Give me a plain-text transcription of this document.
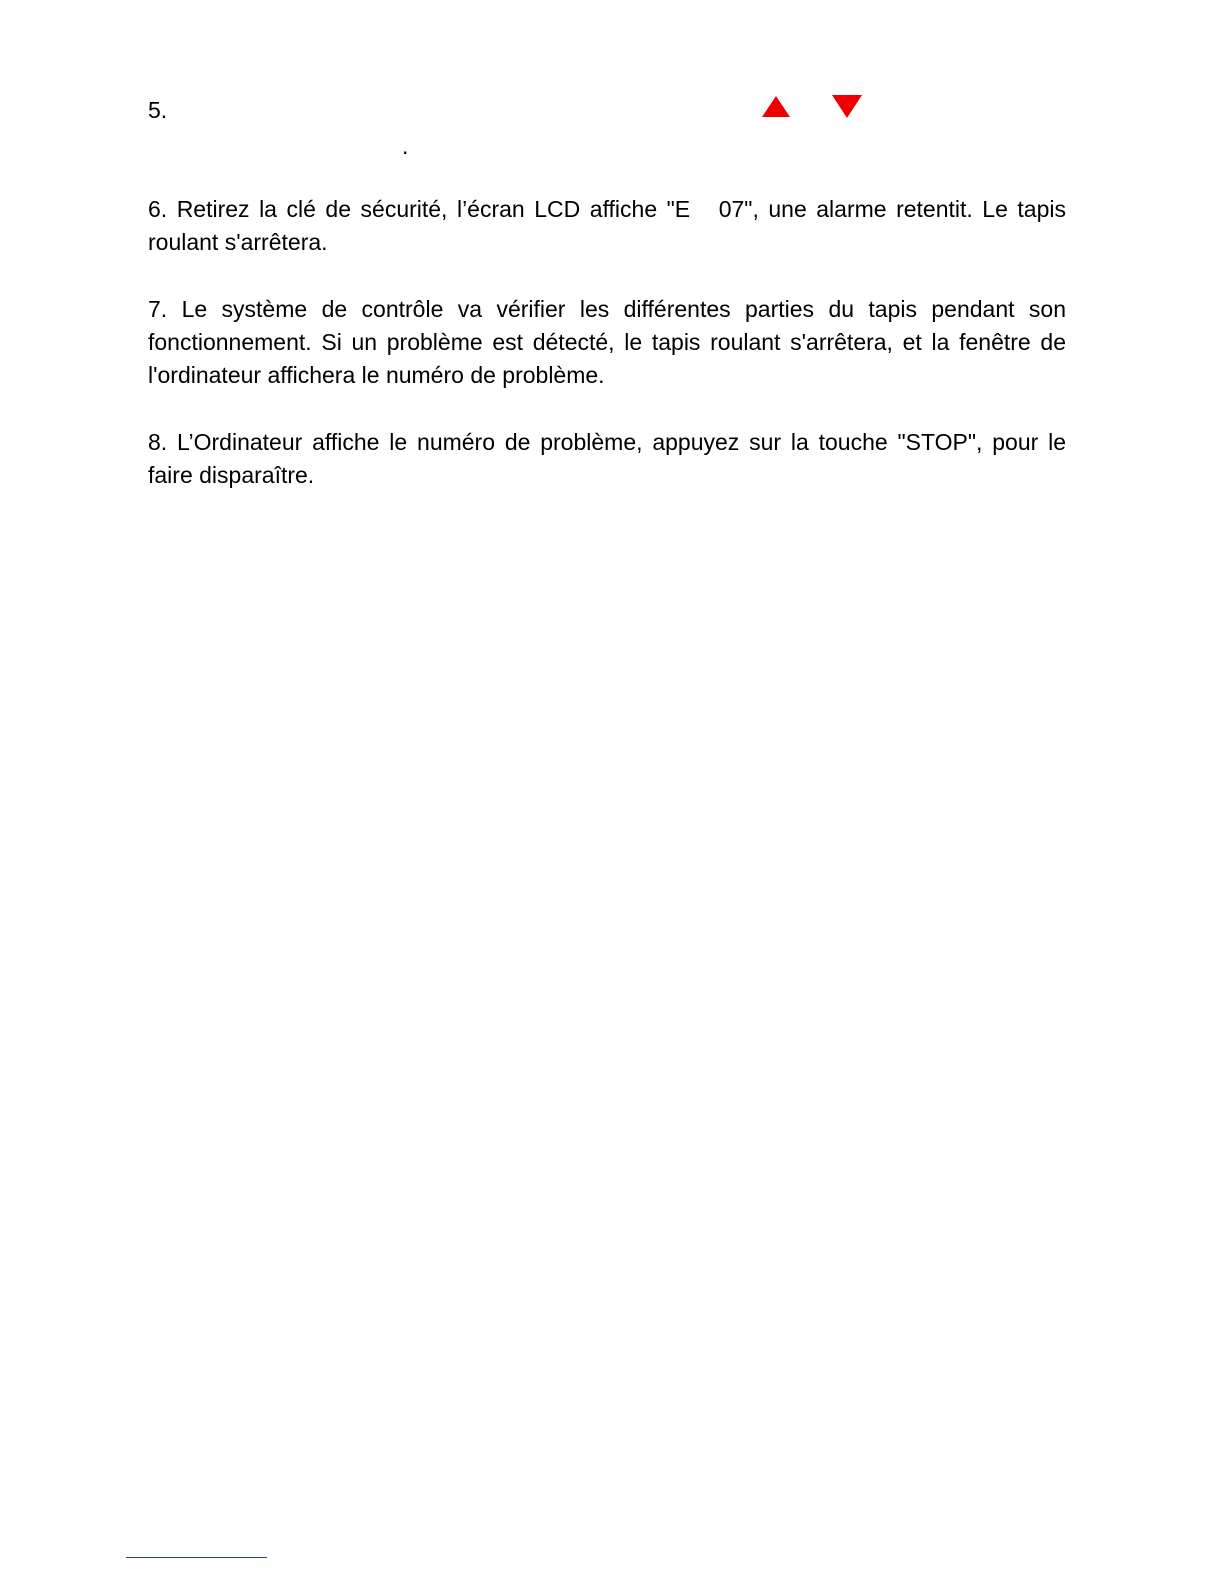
5.
.

6. Retirez la clé de sécurité, l’écran LCD affiche "E   07", une alarme retentit. Le tapis roulant s'arrêtera.

7. Le système de contrôle va vérifier les différentes parties du tapis pendant son fonctionnement. Si un problème est détecté, le tapis roulant s'arrêtera, et la fenêtre de l'ordinateur affichera le numéro de problème.

8. L’Ordinateur affiche le numéro de problème, appuyez sur la touche "STOP", pour le faire disparaître.
